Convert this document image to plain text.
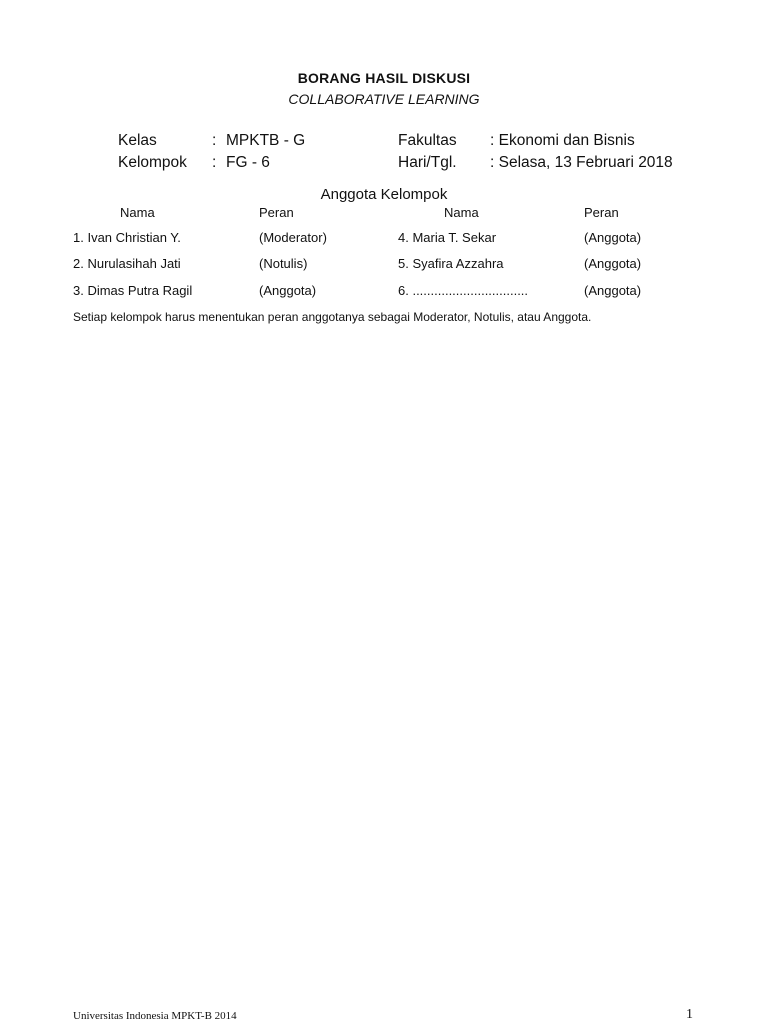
BORANG HASIL DISKUSI
COLLABORATIVE LEARNING
Kelas	: MPKTB - G	Fakultas : Ekonomi dan Bisnis
Kelompok : FG - 6	Hari/Tgl. : Selasa, 13 Februari 2018
Anggota Kelompok
Nama	Peran	Nama	Peran
1. Ivan Christian Y.	(Moderator)	4. Maria T. Sekar	(Anggota)
2. Nurulasihah Jati	(Notulis)	5. Syafira Azzahra	(Anggota)
3. Dimas Putra Ragil	(Anggota)	6. ................................	(Anggota)
Setiap kelompok harus menentukan peran anggotanya sebagai Moderator, Notulis, atau Anggota.
Universitas Indonesia MPKT-B 2014	1
